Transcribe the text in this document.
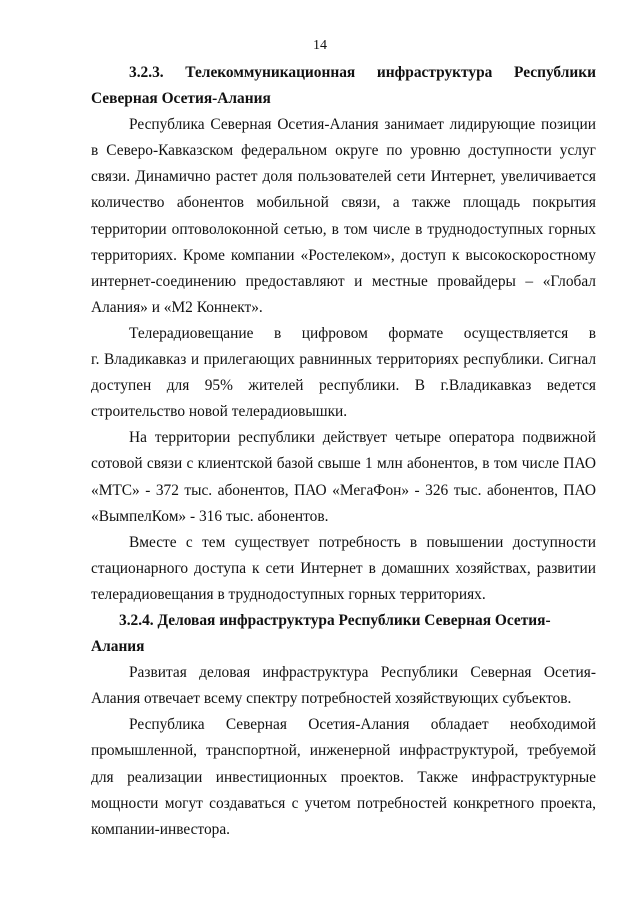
14

3.2.3. Телекоммуникационная инфраструктура Республики Северная Осетия-Алания

Республика Северная Осетия-Алания занимает лидирующие позиции в Северо-Кавказском федеральном округе по уровню доступности услуг связи. Динамично растет доля пользователей сети Интернет, увеличивается количество абонентов мобильной связи, а также площадь покрытия территории оптоволоконной сетью, в том числе в труднодоступных горных территориях. Кроме компании «Ростелеком», доступ к высокоскоростному интернет-соединению предоставляют и местные провайдеры – «Глобал Алания» и «М2 Коннект».

Телерадиовещание в цифровом формате осуществляется в

г. Владикавказ и прилегающих равнинных территориях республики. Сигнал доступен для 95% жителей республики. В г.Владикавказ ведется строительство новой телерадиовышки.

На территории республики действует четыре оператора подвижной сотовой связи с клиентской базой свыше 1 млн абонентов, в том числе ПАО «МТС» - 372 тыс. абонентов, ПАО «МегаФон» - 326 тыс. абонентов, ПАО «ВымпелКом» - 316 тыс. абонентов.

Вместе с тем существует потребность в повышении доступности стационарного доступа к сети Интернет в домашних хозяйствах, развитии телерадиовещания в труднодоступных горных территориях.

3.2.4. Деловая инфраструктура Республики Северная Осетия-Алания

Развитая деловая инфраструктура Республики Северная Осетия-Алания отвечает всему спектру потребностей хозяйствующих субъектов.

Республика Северная Осетия-Алания обладает необходимой промышленной, транспортной, инженерной инфраструктурой, требуемой для реализации инвестиционных проектов. Также инфраструктурные мощности могут создаваться с учетом потребностей конкретного проекта, компании-инвестора.
